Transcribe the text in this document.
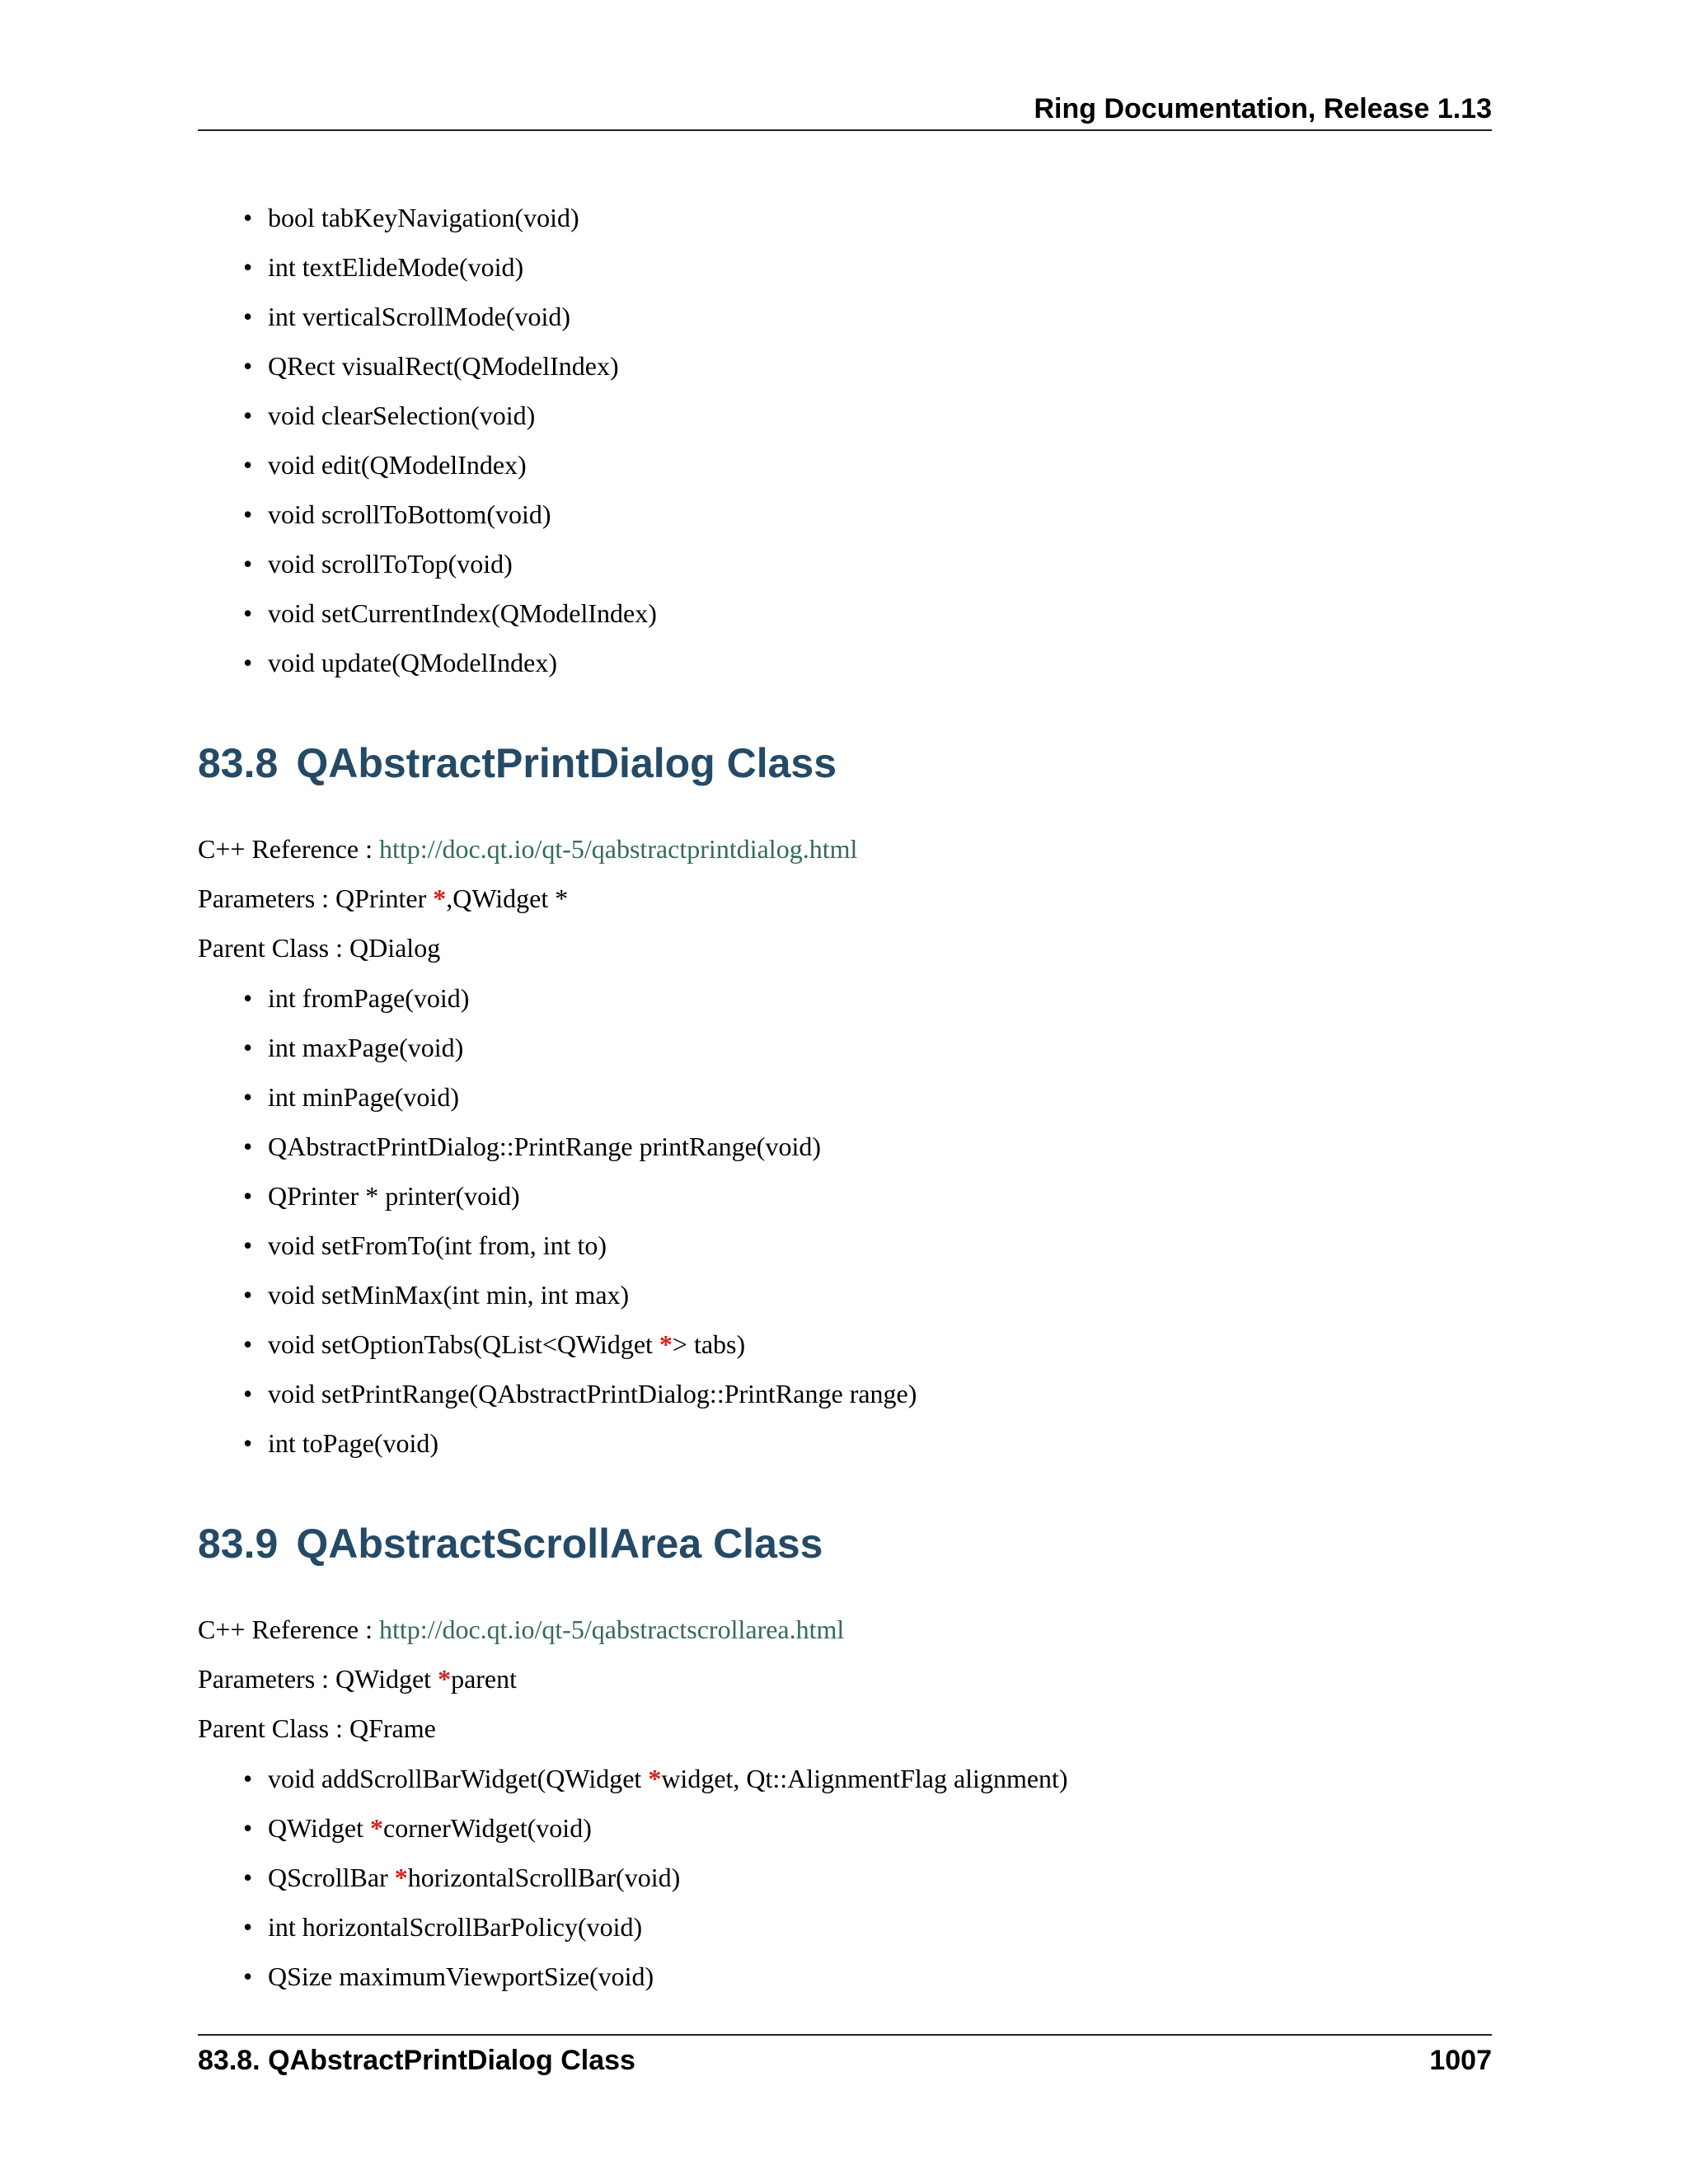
Ring Documentation, Release 1.13
• bool tabKeyNavigation(void)
• int textElideMode(void)
• int verticalScrollMode(void)
• QRect visualRect(QModelIndex)
• void clearSelection(void)
• void edit(QModelIndex)
• void scrollToBottom(void)
• void scrollToTop(void)
• void setCurrentIndex(QModelIndex)
• void update(QModelIndex)
83.8 QAbstractPrintDialog Class

C++ Reference : http://doc.qt.io/qt-5/qabstractprintdialog.html

Parameters : QPrinter *,QWidget *

Parent Class : QDialog

• int fromPage(void)
• int maxPage(void)
• int minPage(void)
• QAbstractPrintDialog::PrintRange printRange(void)
• QPrinter * printer(void)
• void setFromTo(int from, int to)
• void setMinMax(int min, int max)
• void setOptionTabs(QList<QWidget *> tabs)
• void setPrintRange(QAbstractPrintDialog::PrintRange range)
• int toPage(void)
83.9 QAbstractScrollArea Class

C++ Reference : http://doc.qt.io/qt-5/qabstractscrollarea.html

Parameters : QWidget *parent

Parent Class : QFrame

• void addScrollBarWidget(QWidget *widget, Qt::AlignmentFlag alignment)
• QWidget *cornerWidget(void)
• QScrollBar *horizontalScrollBar(void)
• int horizontalScrollBarPolicy(void)
• QSize maximumViewportSize(void)
83.8. QAbstractPrintDialog Class	1007
